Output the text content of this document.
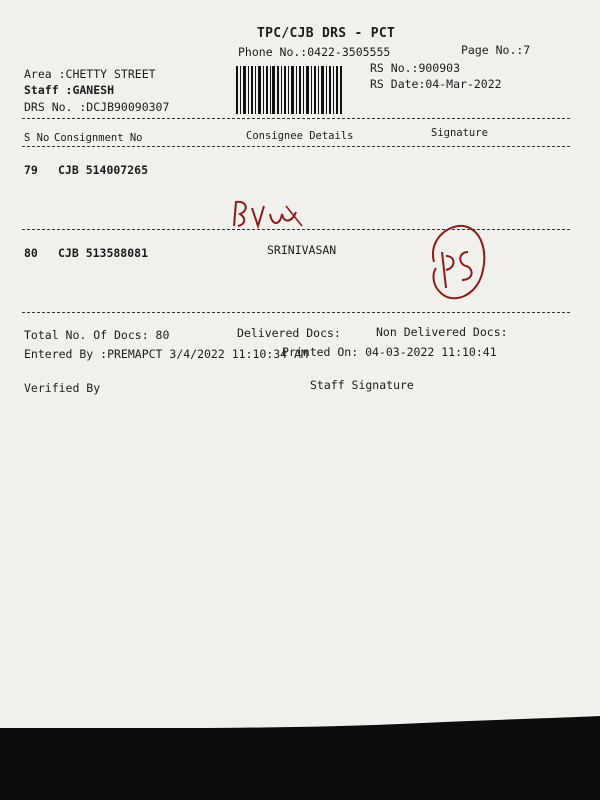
TPC/CJB DRS - PCT
Phone No.:0422-3505555	Page No.:7
Area :CHETTY STREET
Staff :GANESH
DRS No. :DCJB90090307
RS No.:900903
RS Date:04-Mar-2022
S No Consignment No	Consignee Details	Signature
79 CJB 514007265
80 CJB 513588081	SRINIVASAN
Total No. Of Docs: 80	Delivered Docs:	Non Delivered Docs:
Entered By :PREMAPCT 3/4/2022 11:10:34 AM
Printed On: 04-03-2022 11:10:41
Verified By	Staff Signature
